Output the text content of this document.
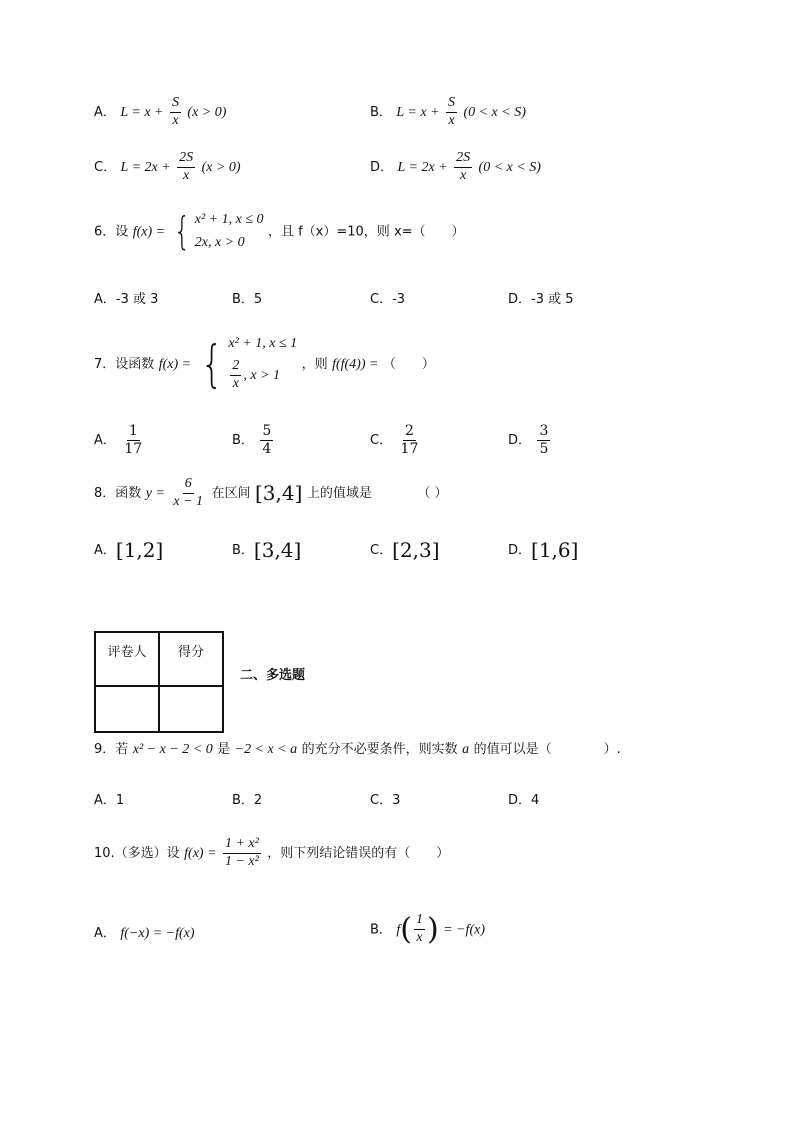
A． $L = x + \frac{S}{x} (x > 0)$	B． $L = x + \frac{S}{x} (0 < x < S)$
C． $L = 2x + \frac{2S}{x} (x > 0)$	D． $L = 2x + \frac{2S}{x} (0 < x < S)$
6．设 f(x) = { x² + 1, x ≤ 0
2x, x > 0
，且 f（x）=10，则 x=（　　）
A．-3 或 3	B．5	C．-3	D．-3 或 5
7．设函数 f(x) = { x² + 1, x ≤ 1
$\frac{2}{x}$ , x > 1
，则 f(f(4)) = （　　）
A． $\frac{1}{17}$	B． $\frac{5}{4}$	C． $\frac{2}{17}$	D． $\frac{3}{5}$
8．函数 $y = \frac{6}{x - 1}$ 在区间 [3,4] 上的值域是　　　　（ ）
A．[1,2]	B．[3,4]	C．[2,3]	D．[1,6]
评卷人	得分

二、多选题
9．若 x² − x − 2 < 0 是 −2 < x < a 的充分不必要条件，则实数 a 的值可以是（　　　　）.
A．1	B．2	C．3	D．4
10.（多选）设 $f(x) = \frac{\text{1 + x²}}{\text{1 − x²}}$ ，则下列结论错误的有（　　）
A． f(−x) = −f(x)	B． $f( \frac{1}{x}$ ) = −f(x)
